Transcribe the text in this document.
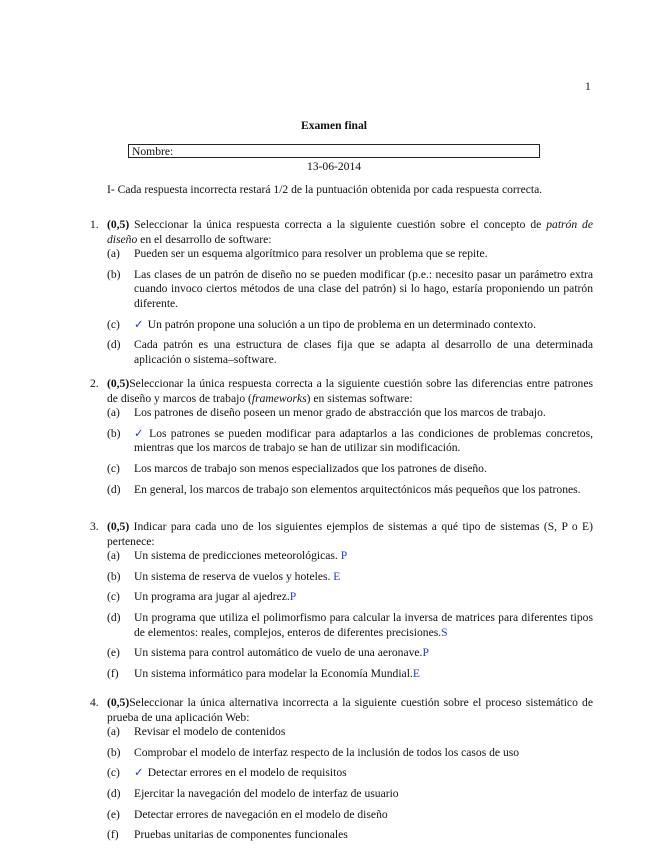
1
Examen final
Nombre:
13-06-2014
I- Cada respuesta incorrecta restará 1/2 de la puntuación obtenida por cada respuesta correcta.
1. (0,5) Seleccionar la única respuesta correcta a la siguiente cuestión sobre el concepto de patrón de diseño en el desarrollo de software:
(a) Pueden ser un esquema algorítmico para resolver un problema que se repite.
(b) Las clases de un patrón de diseño no se pueden modificar (p.e.: necesito pasar un parámetro extra cuando invoco ciertos métodos de una clase del patrón) si lo hago, estaría proponiendo un patrón diferente.
(c) ✓ Un patrón propone una solución a un tipo de problema en un determinado contexto.
(d) Cada patrón es una estructura de clases fija que se adapta al desarrollo de una determinada aplicación o sistema–software.
2. (0,5)Seleccionar la única respuesta correcta a la siguiente cuestión sobre las diferencias entre patrones de diseño y marcos de trabajo (frameworks) en sistemas software:
(a) Los patrones de diseño poseen un menor grado de abstracción que los marcos de trabajo.
(b) ✓ Los patrones se pueden modificar para adaptarlos a las condiciones de problemas concretos, mientras que los marcos de trabajo se han de utilizar sin modificación.
(c) Los marcos de trabajo son menos especializados que los patrones de diseño.
(d) En general, los marcos de trabajo son elementos arquitectónicos más pequeños que los patrones.
3. (0,5) Indicar para cada uno de los siguientes ejemplos de sistemas a qué tipo de sistemas (S, P o E) pertenece:
(a) Un sistema de predicciones meteorológicas. P
(b) Un sistema de reserva de vuelos y hoteles. E
(c) Un programa ara jugar al ajedrez.P
(d) Un programa que utiliza el polimorfismo para calcular la inversa de matrices para diferentes tipos de elementos: reales, complejos, enteros de diferentes precisiones.S
(e) Un sistema para control automático de vuelo de una aeronave.P
(f) Un sistema informático para modelar la Economía Mundial.E
4. (0,5)Seleccionar la única alternativa incorrecta a la siguiente cuestión sobre el proceso sistemático de prueba de una aplicación Web:
(a) Revisar el modelo de contenidos
(b) Comprobar el modelo de interfaz respecto de la inclusión de todos los casos de uso
(c) ✓ Detectar errores en el modelo de requisitos
(d) Ejercitar la navegación del modelo de interfaz de usuario
(e) Detectar errores de navegación en el modelo de diseño
(f) Pruebas unitarias de componentes funcionales
